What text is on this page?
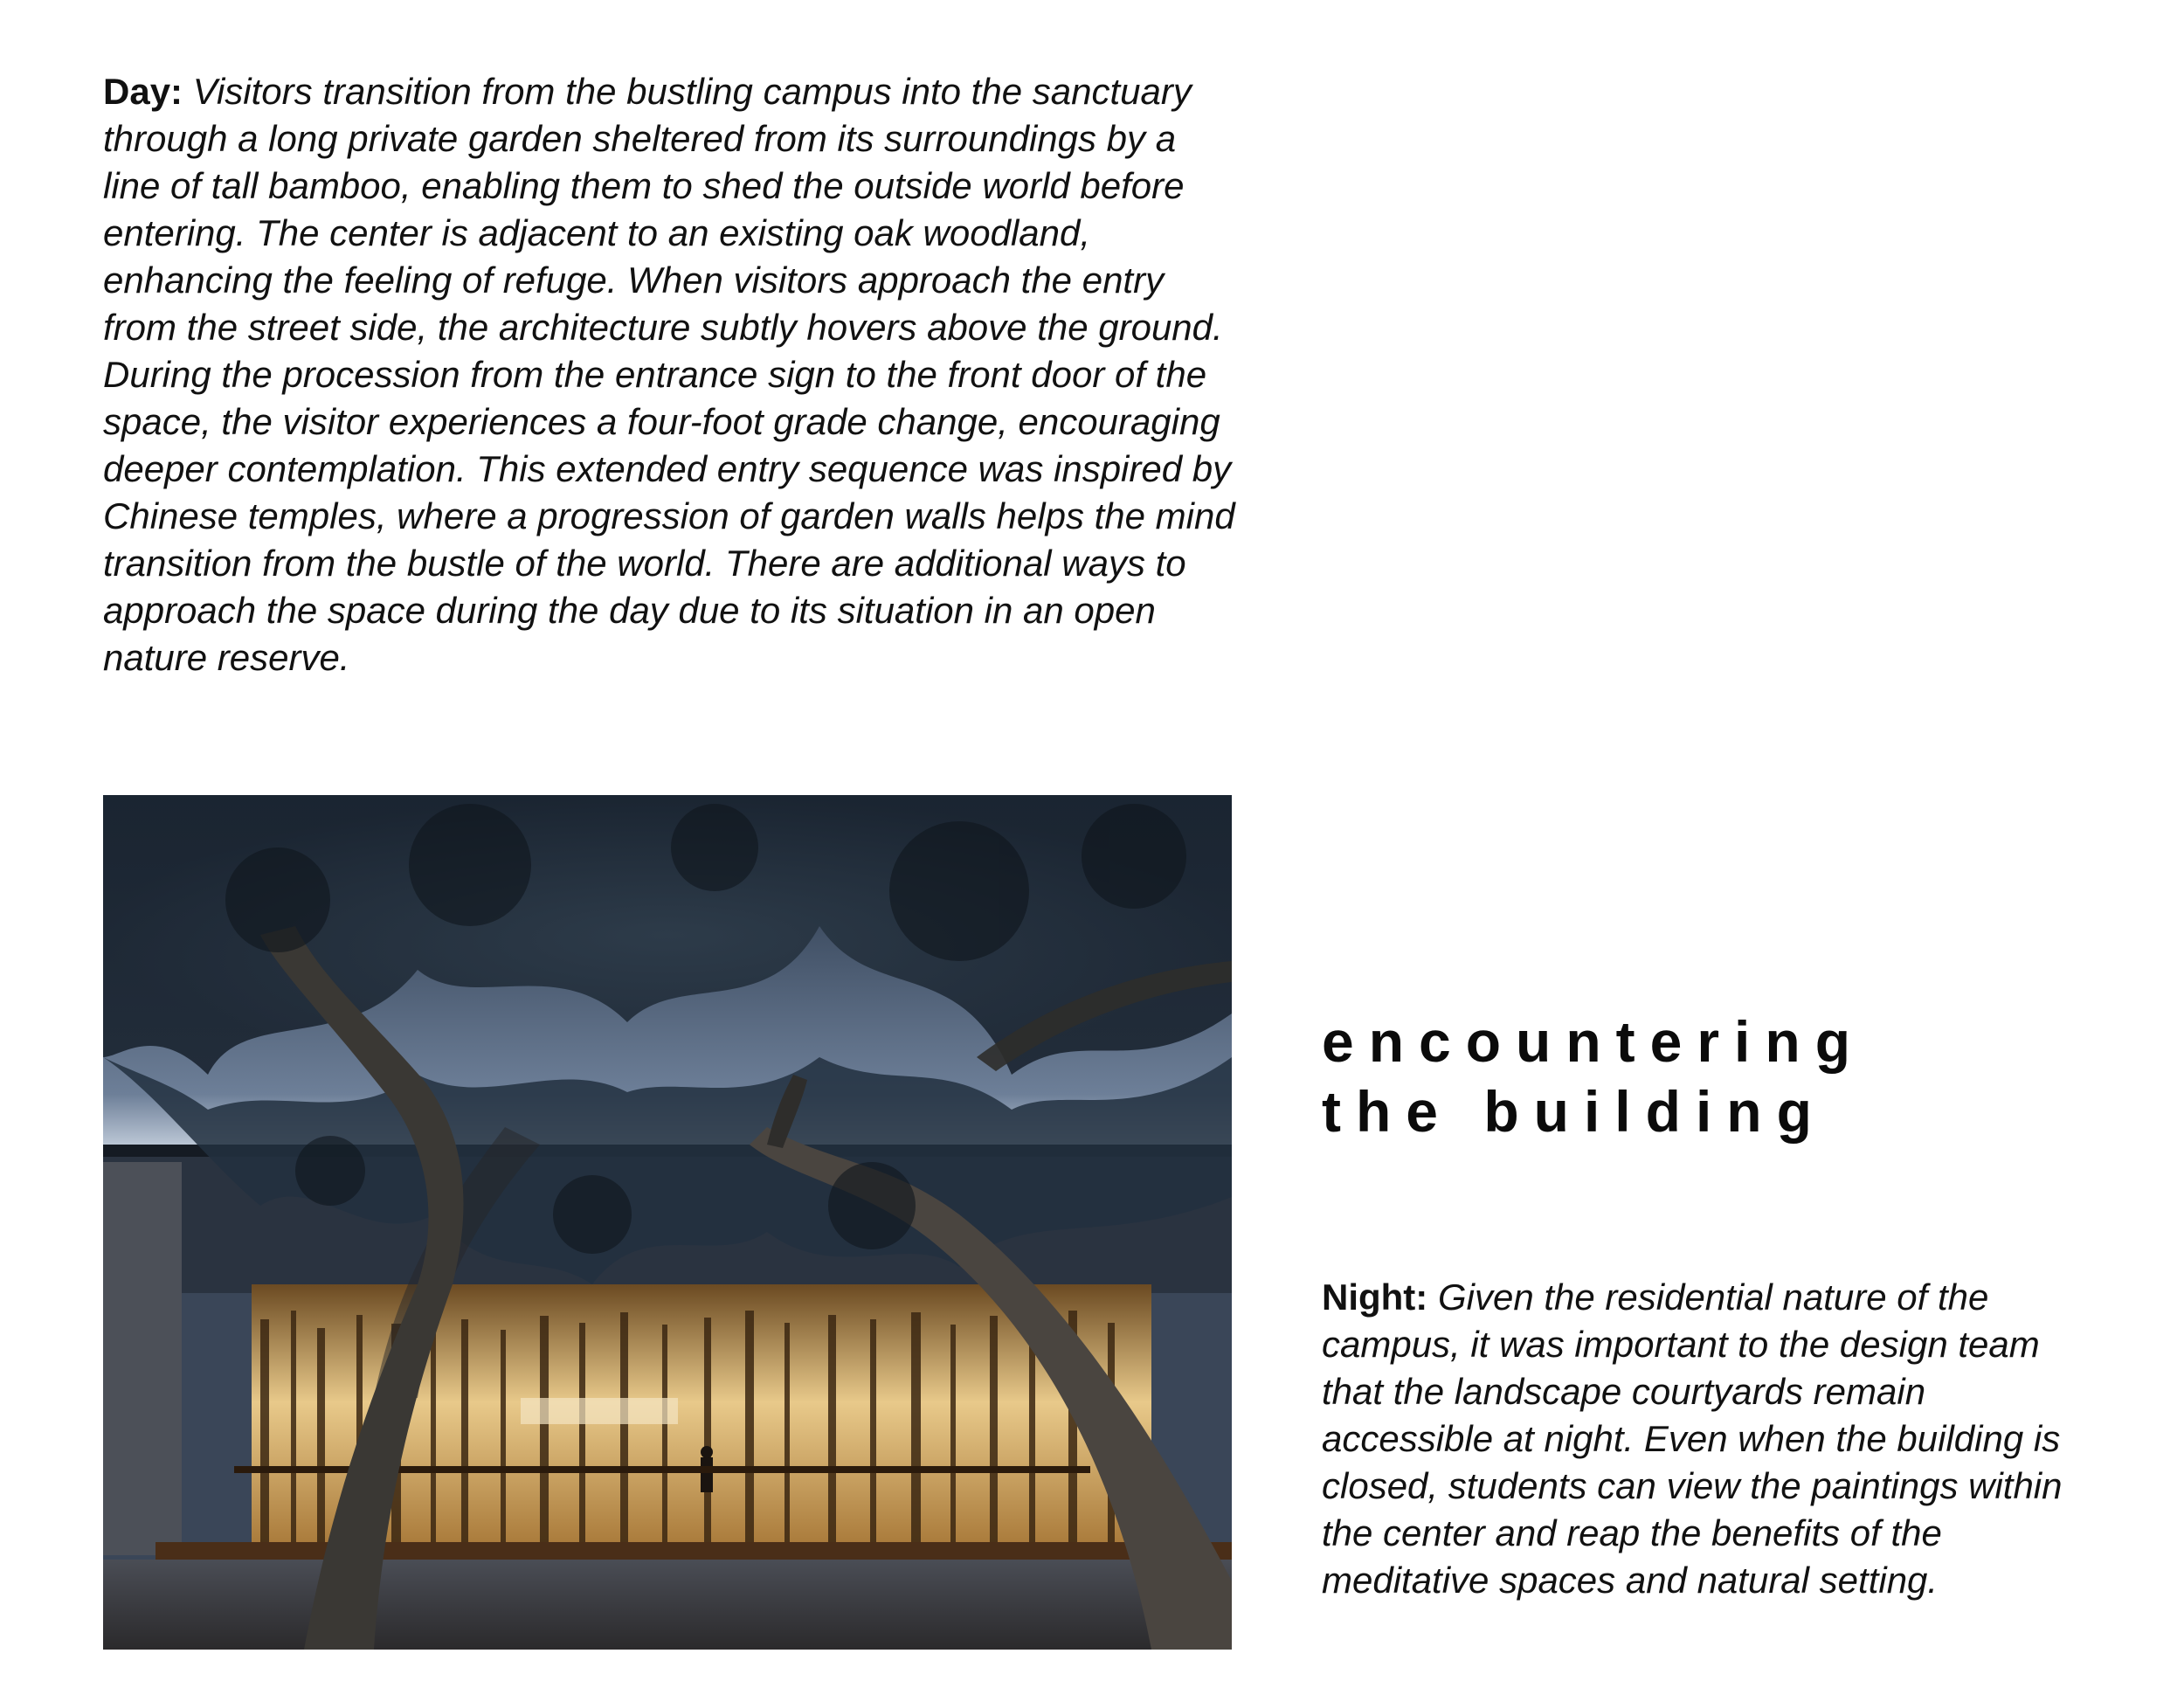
Day: Visitors transition from the bustling campus into the sanctuary through a long private garden sheltered from its surroundings by a line of tall bamboo, enabling them to shed the outside world before entering. The center is adjacent to an existing oak woodland, enhancing the feeling of refuge. When visitors approach the entry from the street side, the architecture subtly hovers above the ground. During the procession from the entrance sign to the front door of the space, the visitor experiences a four-foot grade change, encouraging deeper contemplation. This extended entry sequence was inspired by Chinese temples, where a progression of garden walls helps the mind transition from the bustle of the world. There are additional ways to approach the space during the day due to its situation in an open nature reserve.

encountering
the building

Night: Given the residential nature of the campus, it was important to the design team that the landscape courtyards remain accessible at night. Even when the building is closed, students can view the paintings within the center and reap the benefits of the meditative spaces and natural setting.
